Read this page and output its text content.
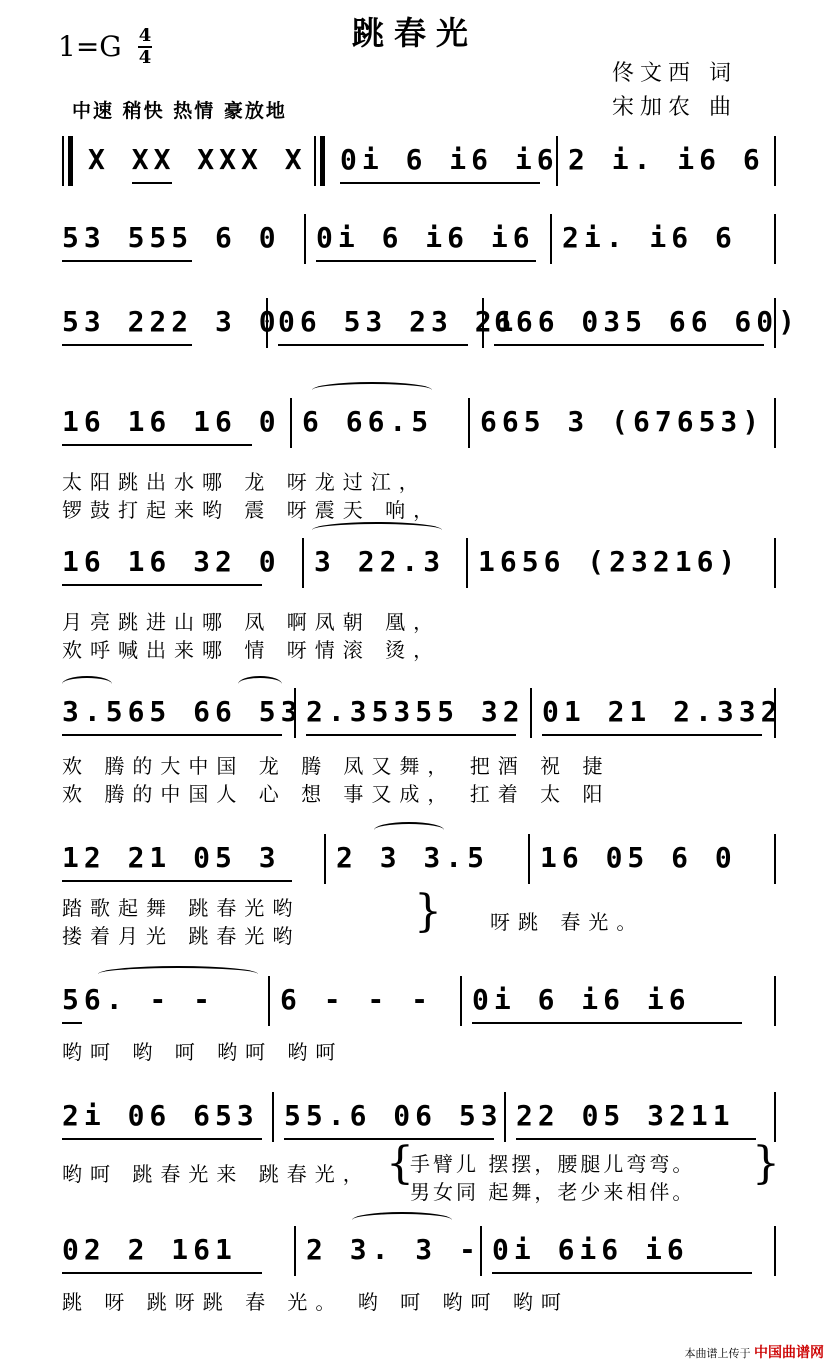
跳春光
1=G 4
4
佟文西 词
宋加农 曲
中速 稍快 热情 豪放地
X XX XXX X	0i 6 i6 i6 2 i. i6 6
53 555 6 0	0i 6 i6 i6 2i. i6 6
53 222 3 0
06 53 23 21
666 035 66 60)
16 16 16 0 6 66.5	665 3 (67653)
太阳跳出水哪 龙 呀龙过江，
锣鼓打起来哟 震 呀震天 响，
16 16 32 0	3 22.3	1656 (23216)
月亮跳进山哪 凤 啊凤朝 凰，
欢呼喊出来哪 情 呀情滚 烫，
3.565 66 53 2.35355 32 01 21 2.332
欢 腾的大中国 龙 腾 凤又舞， 把酒 祝 捷
欢 腾的中国人 心 想 事又成， 扛着 太 阳
12 21 05 3	2 3 3.5	16 05 6 0
踏歌起舞 跳春光哟
搂着月光 跳春光哟	} 呀跳 春光。
56. - -	6 - - -	0i 6 i6 i6
哟呵 哟 呵 哟呵 哟呵
2i 06 653 55.6 06 53 22 05 3211
哟呵 跳春光来 跳春光， {
手臂儿 摆摆，腰腿儿弯弯。
男女同 起舞，老少来相伴。
}
02 2 161	2 3. 3 - 0i 6i6 i6
跳 呀 跳呀跳 春 光。 哟 呵 哟呵 哟呵
本曲谱上传于 中国曲谱网
